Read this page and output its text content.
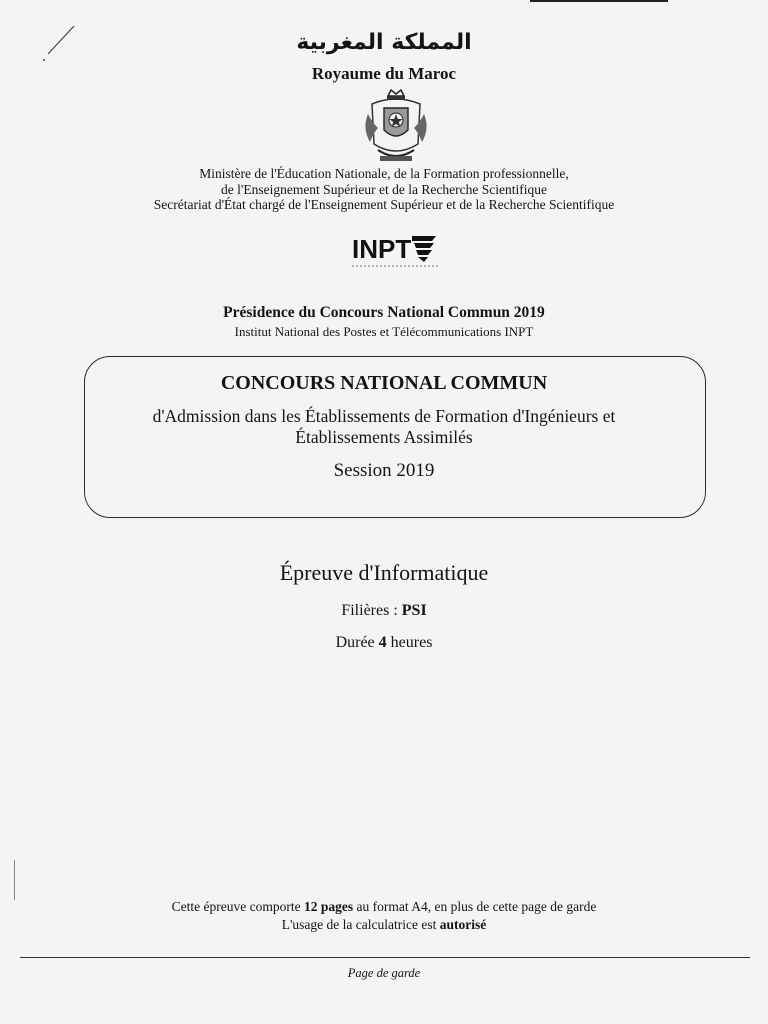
المملكة المغربية
Royaume du Maroc
Ministère de l'Éducation Nationale, de la Formation professionnelle,
de l'Enseignement Supérieur et de la Recherche Scientifique
Secrétariat d'État chargé de l'Enseignement Supérieur et de la Recherche Scientifique
INPT
Présidence du Concours National Commun 2019
Institut National des Postes et Télécommunications INPT
CONCOURS NATIONAL COMMUN
d'Admission dans les Établissements de Formation d'Ingénieurs et
Établissements Assimilés
Session 2019
Épreuve d'Informatique
Filières : PSI
Durée 4 heures
Cette épreuve comporte 12 pages au format A4, en plus de cette page de garde
L'usage de la calculatrice est autorisé
Page de garde
